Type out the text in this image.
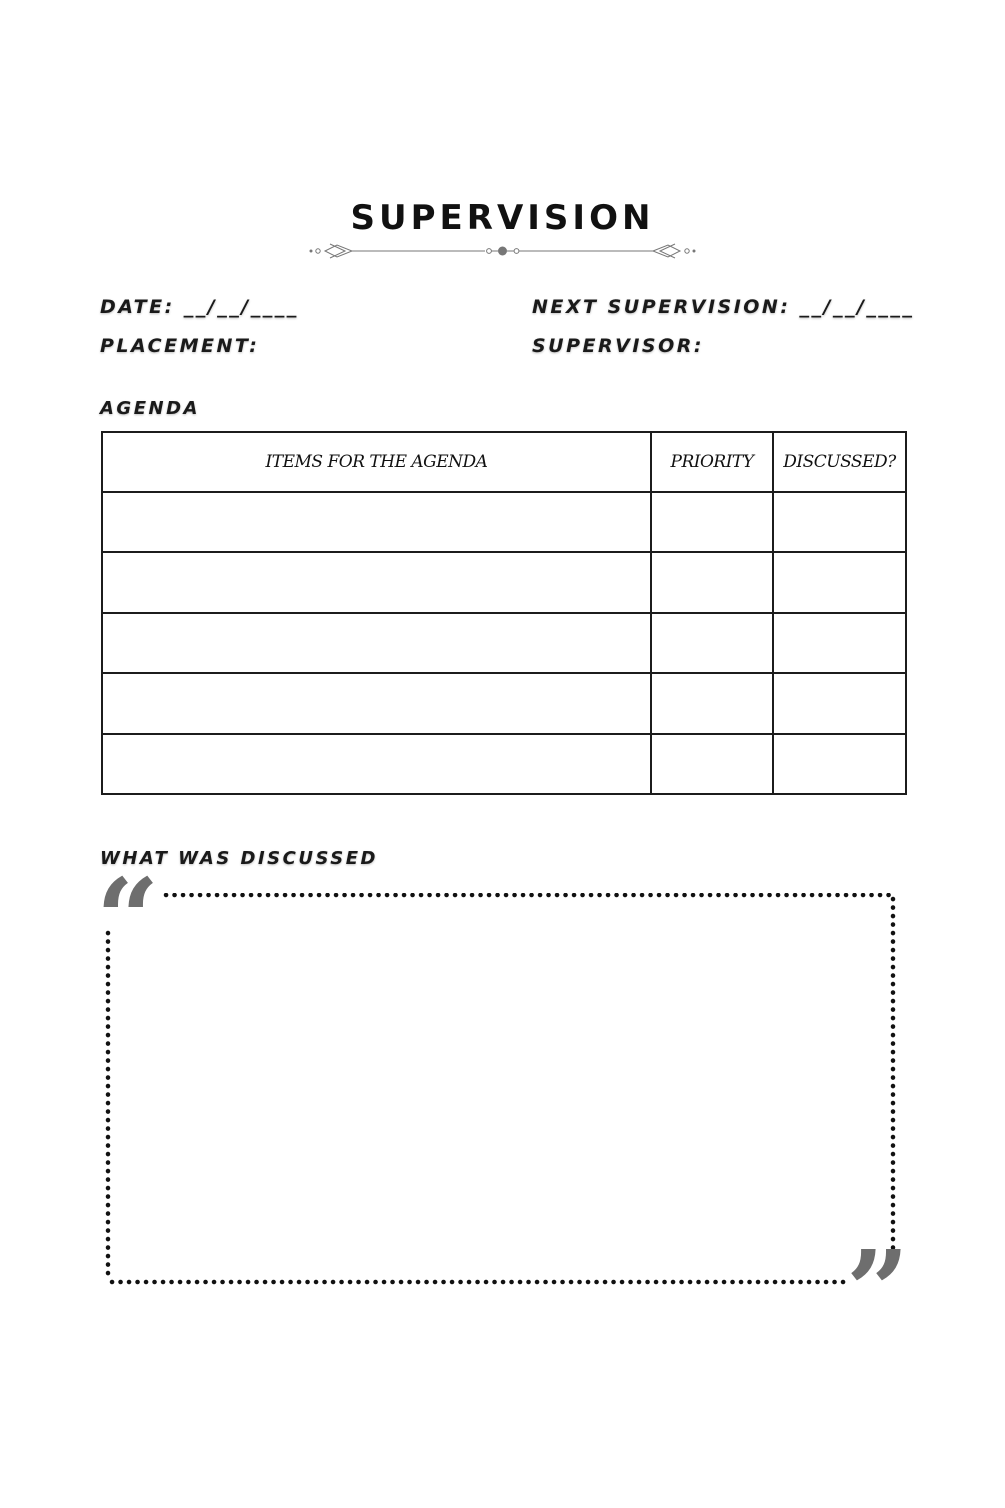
SUPERVISION
DATE: __/__/____	NEXT SUPERVISION: __/__/____
PLACEMENT:	SUPERVISOR:
AGENDA
ITEMS FOR THE AGENDA	PRIORITY	DISCUSSED?

WHAT WAS DISCUSSED
“
”
